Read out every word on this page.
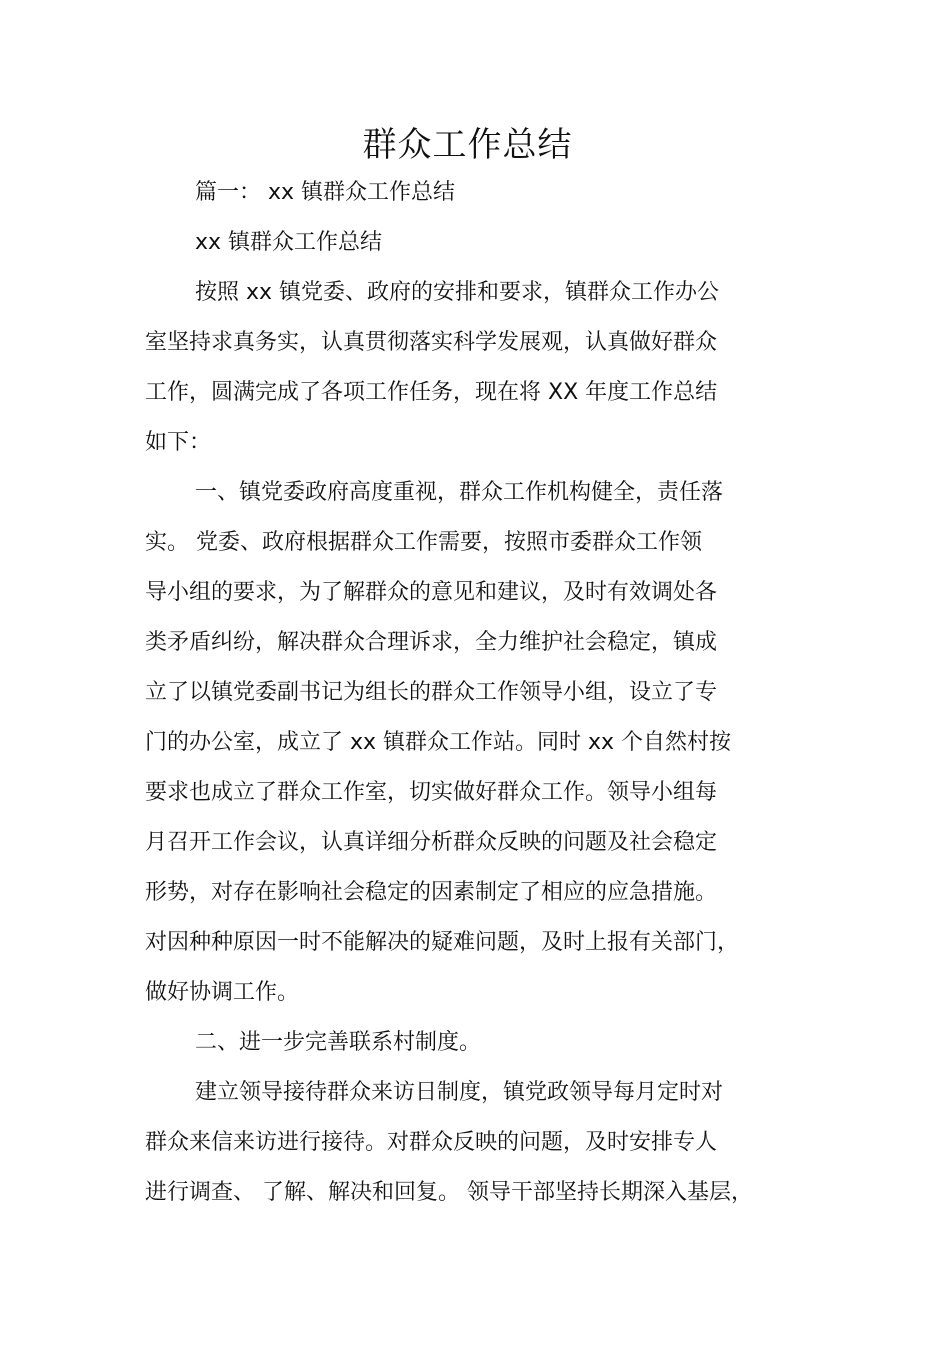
群众工作总结
篇一： xx 镇群众工作总结
xx 镇群众工作总结
按照 xx 镇党委、政府的安排和要求，镇群众工作办公
室坚持求真务实，认真贯彻落实科学发展观，认真做好群众
工作，圆满完成了各项工作任务，现在将 XX 年度工作总结
如下：
一、镇党委政府高度重视，群众工作机构健全，责任落
实。 党委、政府根据群众工作需要，按照市委群众工作领
导小组的要求，为了解群众的意见和建议，及时有效调处各
类矛盾纠纷，解决群众合理诉求，全力维护社会稳定，镇成
立了以镇党委副书记为组长的群众工作领导小组，设立了专
门的办公室，成立了 xx 镇群众工作站。同时 xx 个自然村按
要求也成立了群众工作室，切实做好群众工作。领导小组每
月召开工作会议，认真详细分析群众反映的问题及社会稳定
形势，对存在影响社会稳定的因素制定了相应的应急措施。
对因种种原因一时不能解决的疑难问题，及时上报有关部门，
做好协调工作。
二、进一步完善联系村制度。
建立领导接待群众来访日制度，镇党政领导每月定时对
群众来信来访进行接待。对群众反映的问题，及时安排专人
进行调查、 了解、解决和回复。 领导干部坚持长期深入基层，
